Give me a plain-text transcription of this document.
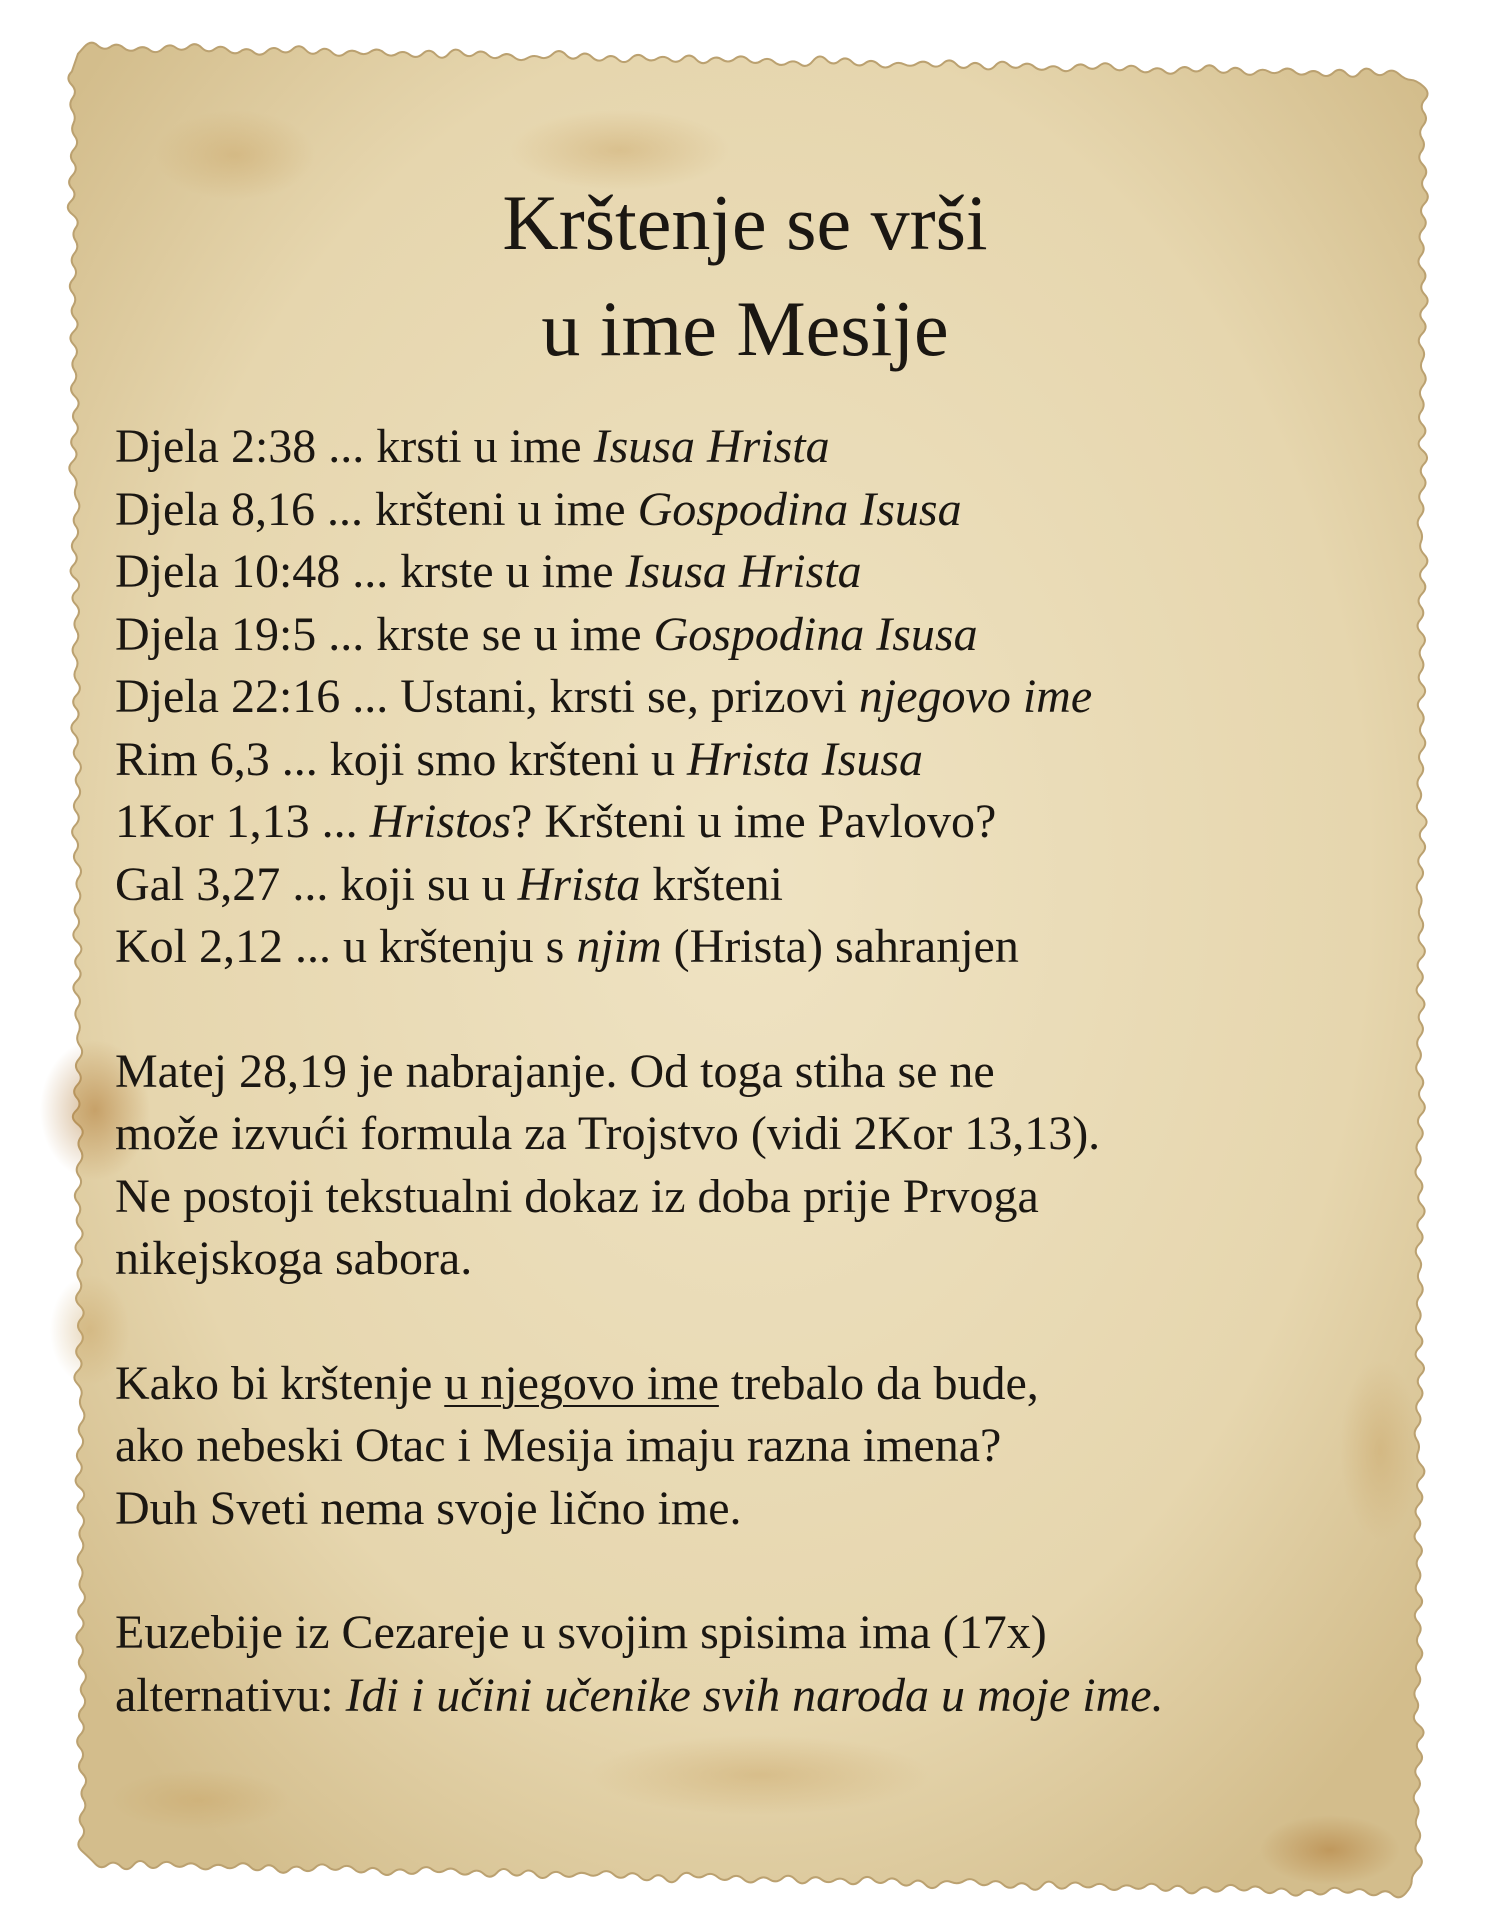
Krštenje se vrši
u ime Mesije
Djela 2:38 ... krsti u ime Isusa Hrista
Djela 8,16 ... kršteni u ime Gospodina Isusa
Djela 10:48 ... krste u ime Isusa Hrista
Djela 19:5 ... krste se u ime Gospodina Isusa
Djela 22:16 ... Ustani, krsti se, prizovi njegovo ime
Rim 6,3 ... koji smo kršteni u Hrista Isusa
1Kor 1,13 ... Hristos? Kršteni u ime Pavlovo?
Gal 3,27 ... koji su u Hrista kršteni
Kol 2,12 ... u krštenju s njim (Hrista) sahranjen
Matej 28,19 je nabrajanje. Od toga stiha se ne
može izvući formula za Trojstvo (vidi 2Kor 13,13).
Ne postoji tekstualni dokaz iz doba prije Prvoga
nikejskoga sabora.
Kako bi krštenje u njegovo ime trebalo da bude,
ako nebeski Otac i Mesija imaju razna imena?
Duh Sveti nema svoje lično ime.
Euzebije iz Cezareje u svojim spisima ima (17x)
alternativu: Idi i učini učenike svih naroda u moje ime.
